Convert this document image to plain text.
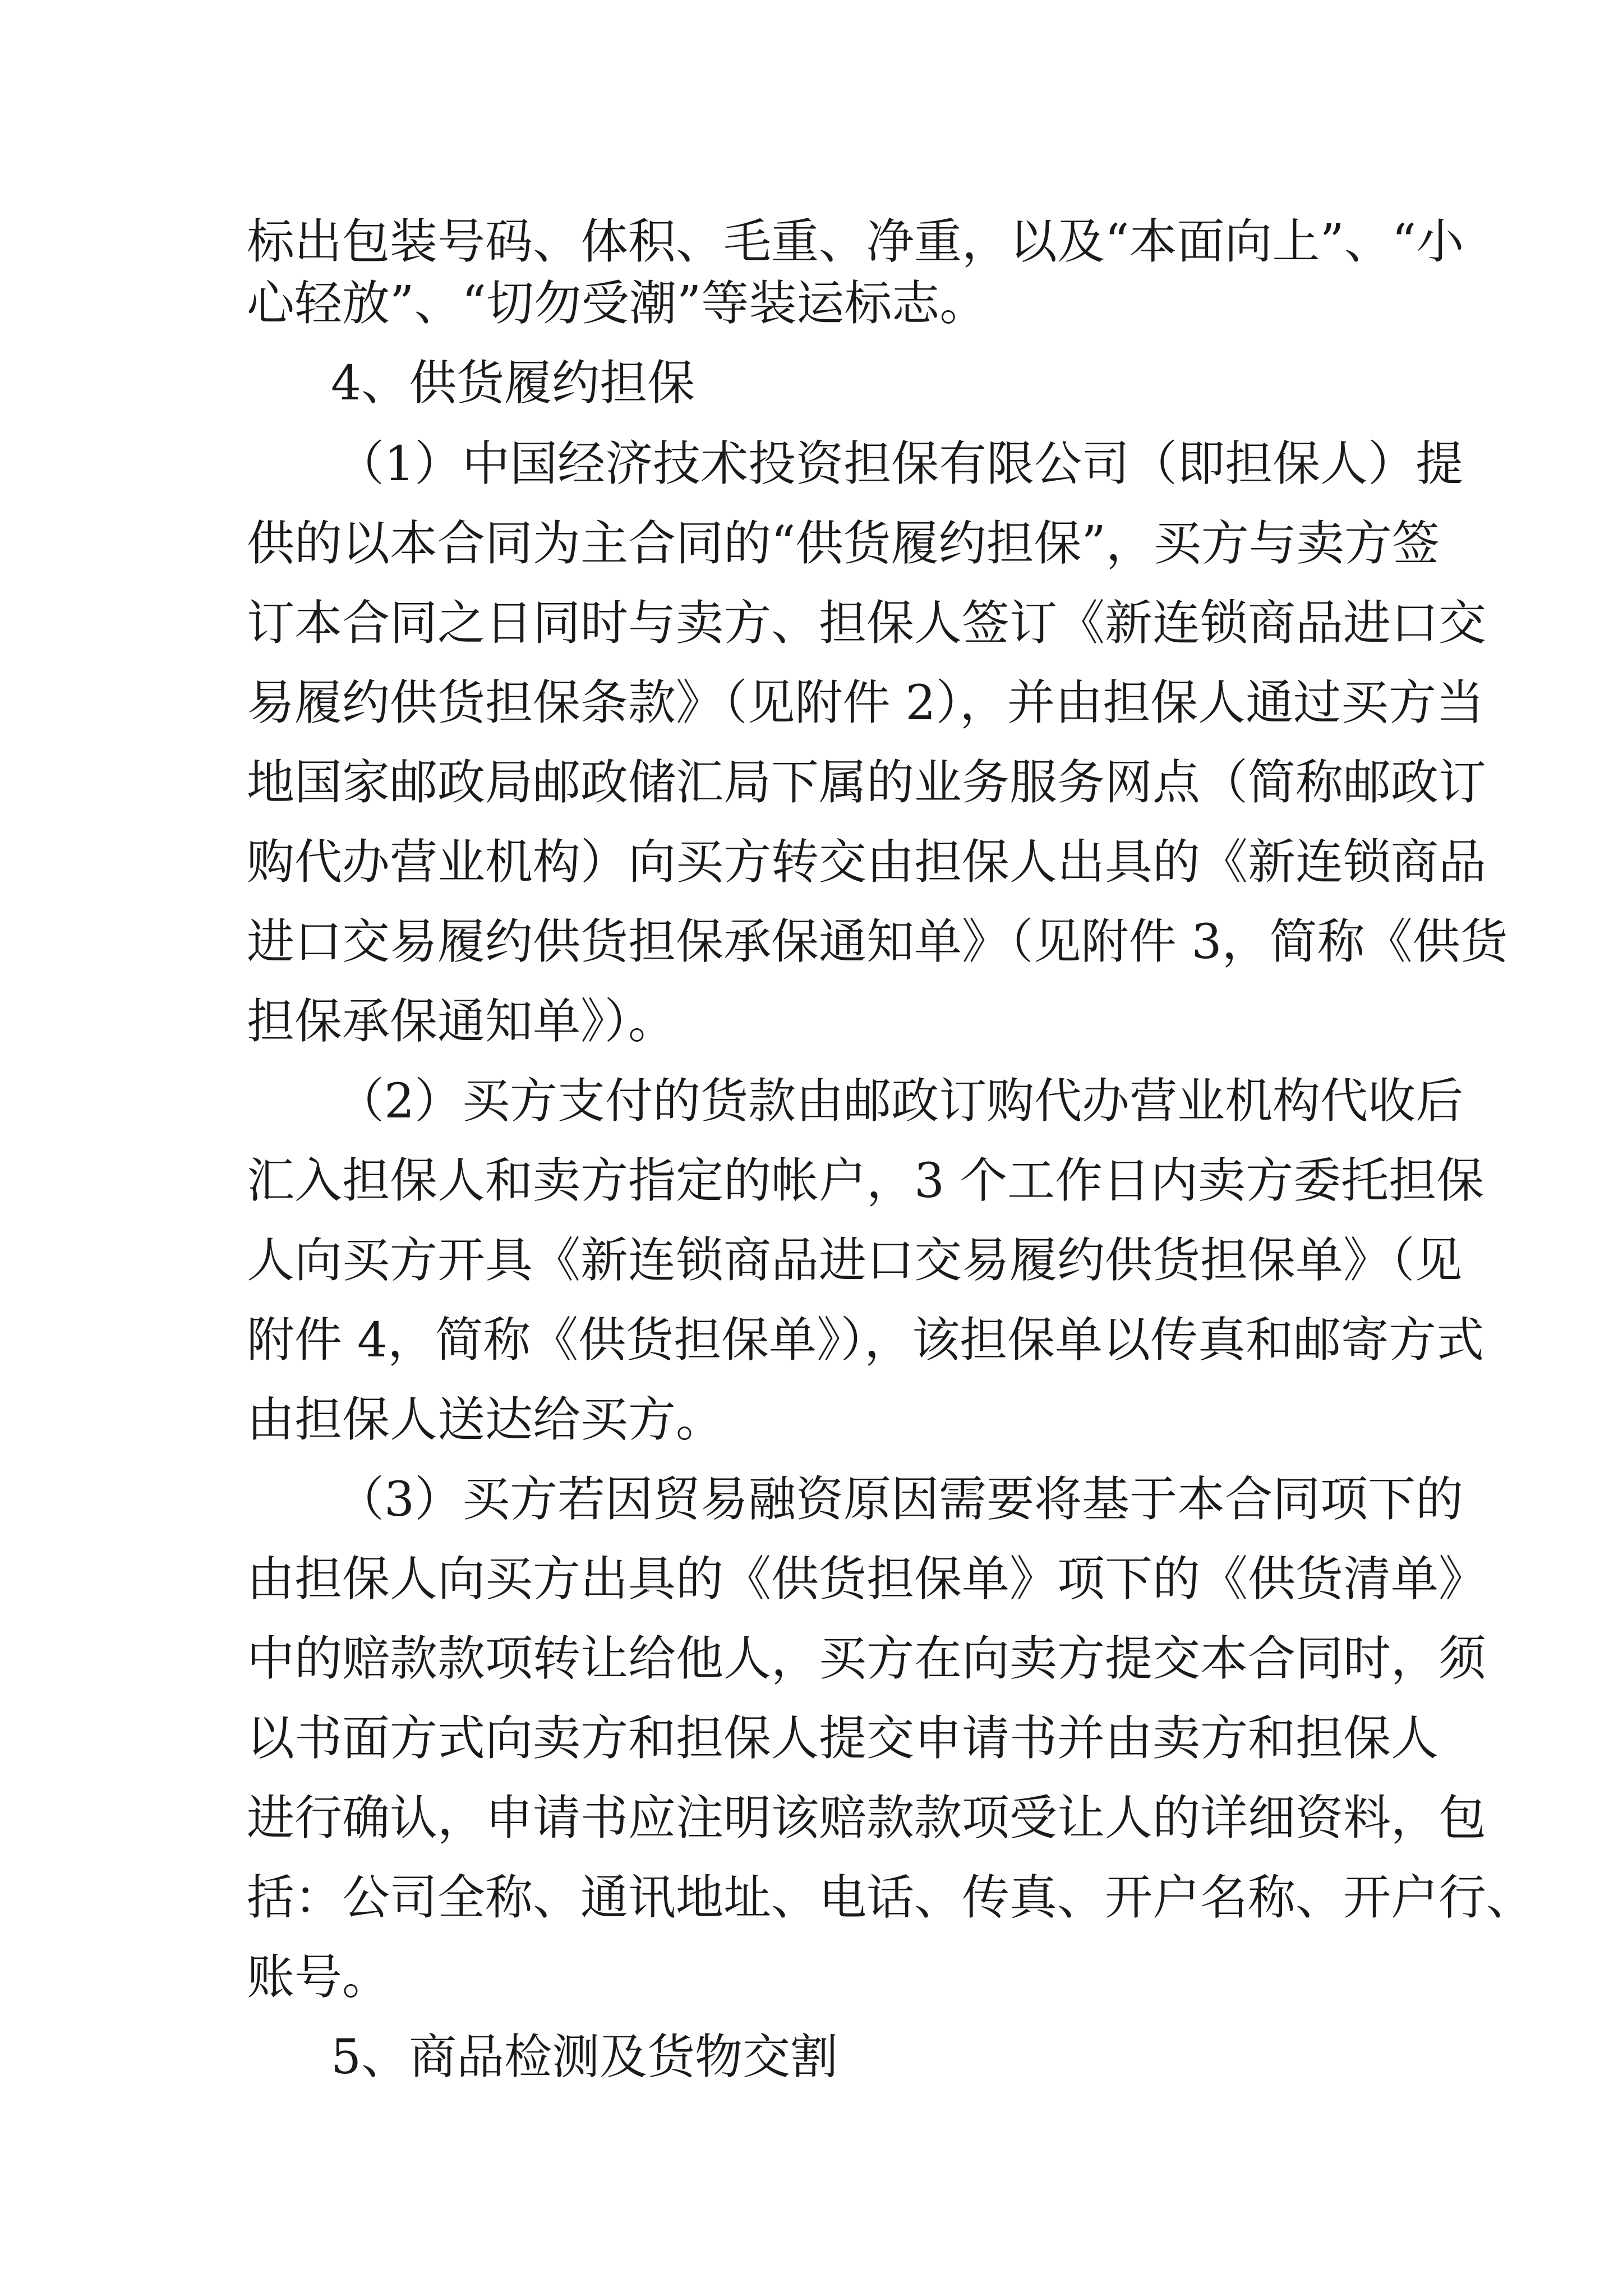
标出包装号码、体积、毛重、净重，以及“本面向上”、“小
心轻放”、“切勿受潮”等装运标志。
4、供货履约担保
（1）中国经济技术投资担保有限公司（即担保人）提
供的以本合同为主合同的“供货履约担保”，买方与卖方签
订本合同之日同时与卖方、担保人签订《新连锁商品进口交
易履约供货担保条款》（见附件 2），并由担保人通过买方当
地国家邮政局邮政储汇局下属的业务服务网点（简称邮政订
购代办营业机构）向买方转交由担保人出具的《新连锁商品
进口交易履约供货担保承保通知单》（见附件 3，简称《供货
担保承保通知单》）。
（2）买方支付的货款由邮政订购代办营业机构代收后
汇入担保人和卖方指定的帐户，3 个工作日内卖方委托担保
人向买方开具《新连锁商品进口交易履约供货担保单》（见
附件 4，简称《供货担保单》），该担保单以传真和邮寄方式
由担保人送达给买方。
（3）买方若因贸易融资原因需要将基于本合同项下的
由担保人向买方出具的《供货担保单》项下的《供货清单》
中的赔款款项转让给他人，买方在向卖方提交本合同时，须
以书面方式向卖方和担保人提交申请书并由卖方和担保人
进行确认，申请书应注明该赔款款项受让人的详细资料，包
括：公司全称、通讯地址、电话、传真、开户名称、开户行、
账号。
5、商品检测及货物交割
